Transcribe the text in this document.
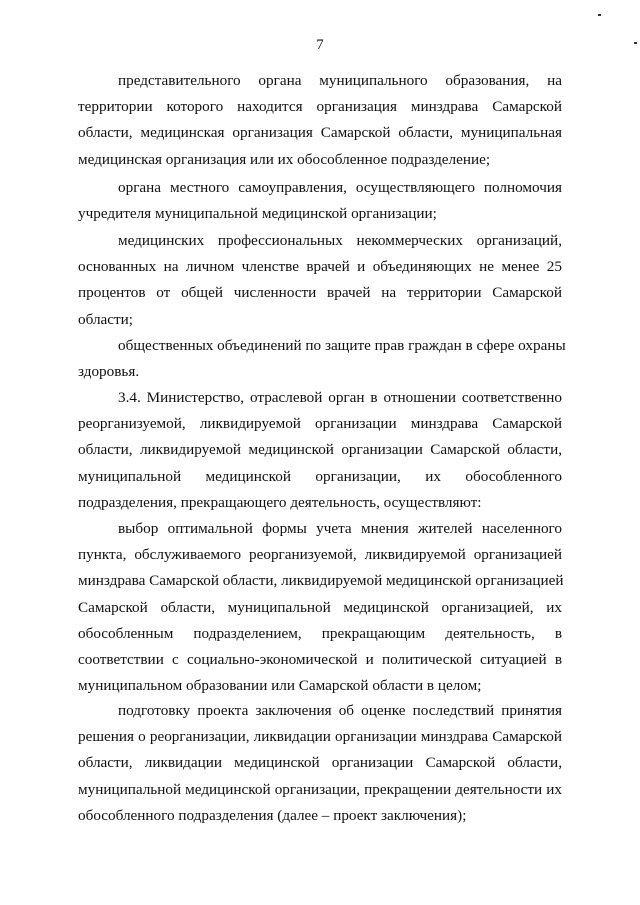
7
представительного органа муниципального образования, на
территории которого находится организация минздрава Самарской
области, медицинская организация Самарской области, муниципальная
медицинская организация или их обособленное подразделение;
органа местного самоуправления, осуществляющего полномочия
учредителя муниципальной медицинской организации;
медицинских профессиональных некоммерческих организаций,
основанных на личном членстве врачей и объединяющих не менее 25
процентов от общей численности врачей на территории Самарской
области;
общественных объединений по защите прав граждан в сфере охраны
здоровья.
3.4. Министерство, отраслевой орган в отношении соответственно
реорганизуемой, ликвидируемой организации минздрава Самарской
области, ликвидируемой медицинской организации Самарской области,
муниципальной медицинской организации, их обособленного
подразделения, прекращающего деятельность, осуществляют:
выбор оптимальной формы учета мнения жителей населенного
пункта, обслуживаемого реорганизуемой, ликвидируемой организацией
минздрава Самарской области, ликвидируемой медицинской организацией
Самарской области, муниципальной медицинской организацией, их
обособленным подразделением, прекращающим деятельность, в
соответствии с социально-экономической и политической ситуацией в
муниципальном образовании или Самарской области в целом;
подготовку проекта заключения об оценке последствий принятия
решения о реорганизации, ликвидации организации минздрава Самарской
области, ликвидации медицинской организации Самарской области,
муниципальной медицинской организации, прекращении деятельности их
обособленного подразделения (далее – проект заключения);
